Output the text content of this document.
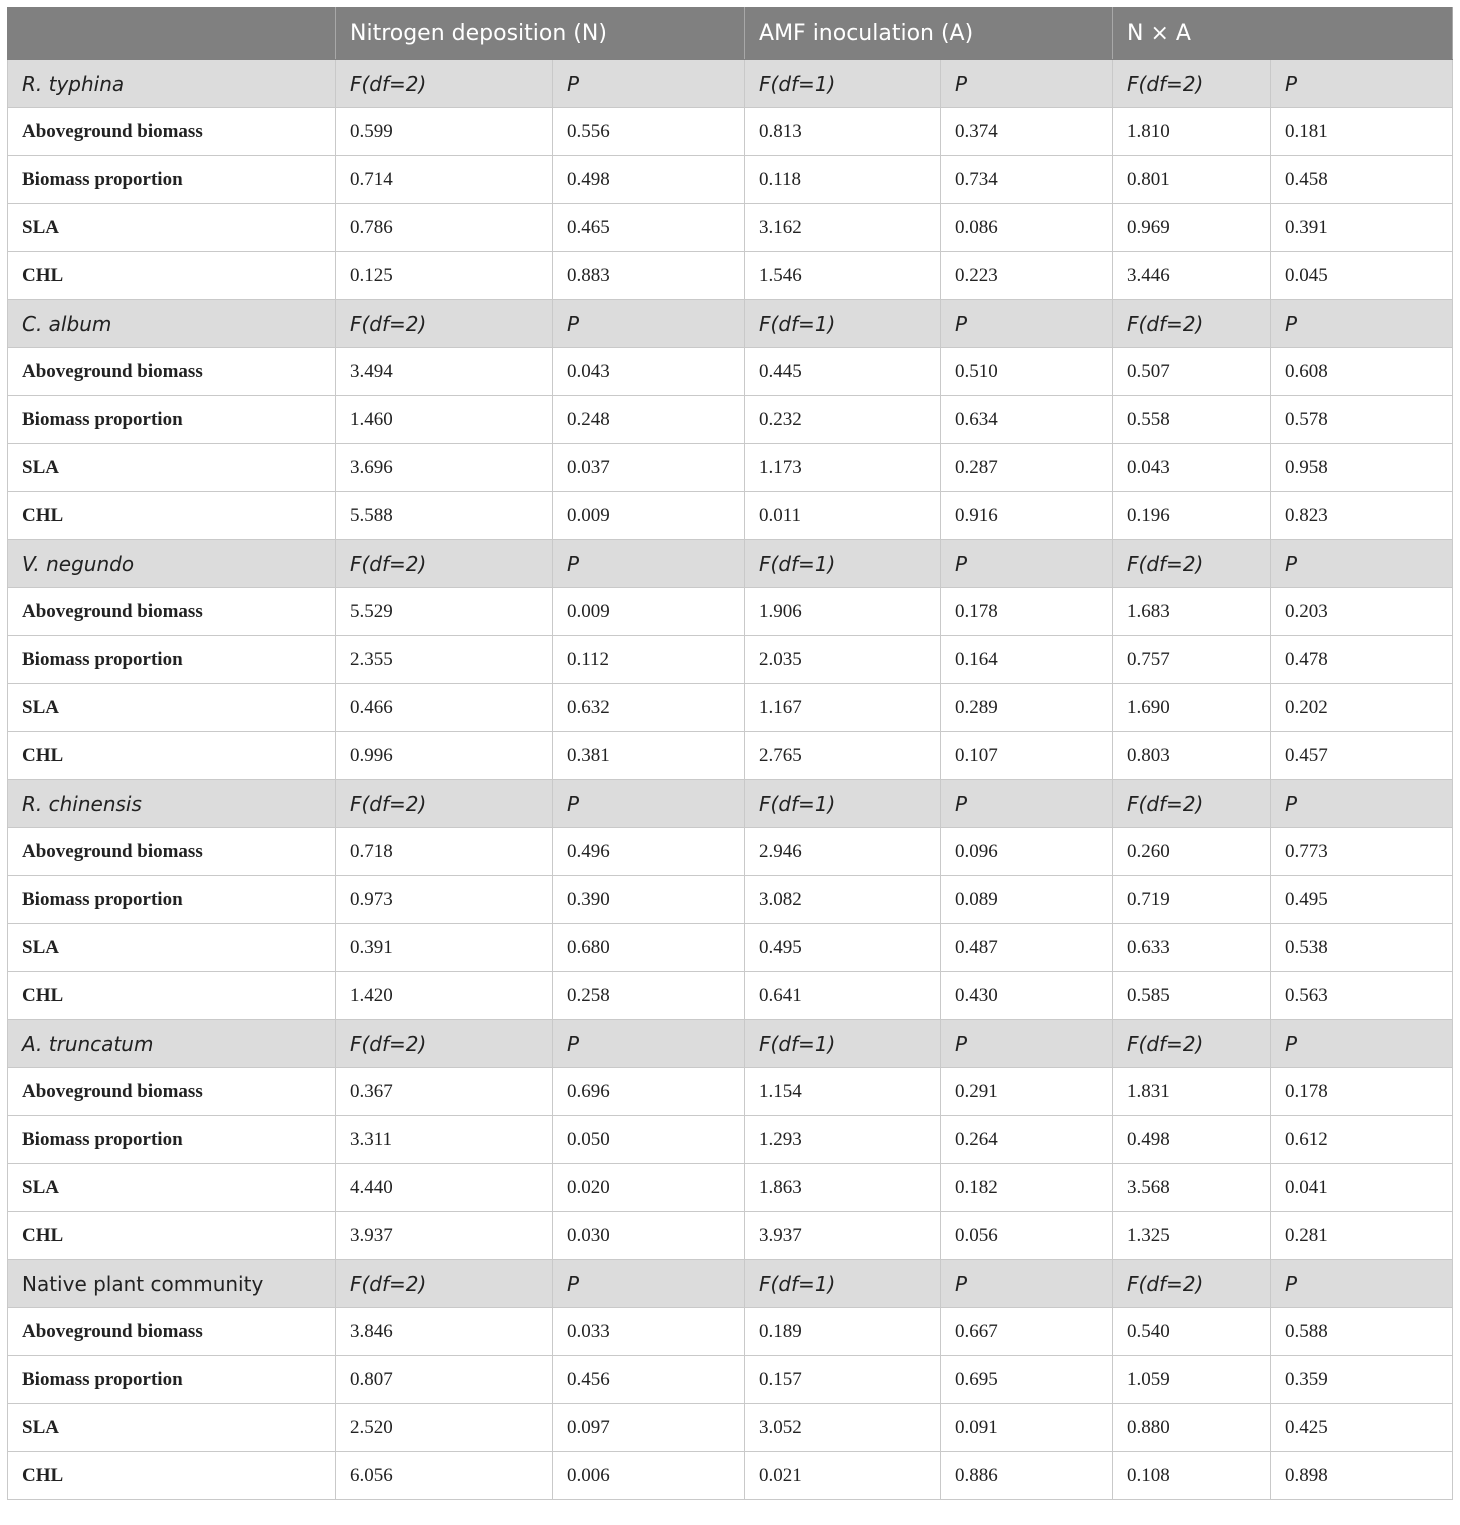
	Nitrogen deposition (N)		AMF inoculation (A)		N × A	
R. typhina	F(df=2)	P	F(df=1)	P	F(df=2)	P
Aboveground biomass	0.599	0.556	0.813	0.374	1.810	0.181
Biomass proportion	0.714	0.498	0.118	0.734	0.801	0.458
SLA	0.786	0.465	3.162	0.086	0.969	0.391
CHL	0.125	0.883	1.546	0.223	3.446	0.045
C. album	F(df=2)	P	F(df=1)	P	F(df=2)	P
Aboveground biomass	3.494	0.043	0.445	0.510	0.507	0.608
Biomass proportion	1.460	0.248	0.232	0.634	0.558	0.578
SLA	3.696	0.037	1.173	0.287	0.043	0.958
CHL	5.588	0.009	0.011	0.916	0.196	0.823
V. negundo	F(df=2)	P	F(df=1)	P	F(df=2)	P
Aboveground biomass	5.529	0.009	1.906	0.178	1.683	0.203
Biomass proportion	2.355	0.112	2.035	0.164	0.757	0.478
SLA	0.466	0.632	1.167	0.289	1.690	0.202
CHL	0.996	0.381	2.765	0.107	0.803	0.457
R. chinensis	F(df=2)	P	F(df=1)	P	F(df=2)	P
Aboveground biomass	0.718	0.496	2.946	0.096	0.260	0.773
Biomass proportion	0.973	0.390	3.082	0.089	0.719	0.495
SLA	0.391	0.680	0.495	0.487	0.633	0.538
CHL	1.420	0.258	0.641	0.430	0.585	0.563
A. truncatum	F(df=2)	P	F(df=1)	P	F(df=2)	P
Aboveground biomass	0.367	0.696	1.154	0.291	1.831	0.178
Biomass proportion	3.311	0.050	1.293	0.264	0.498	0.612
SLA	4.440	0.020	1.863	0.182	3.568	0.041
CHL	3.937	0.030	3.937	0.056	1.325	0.281
Native plant community	F(df=2)	P	F(df=1)	P	F(df=2)	P
Aboveground biomass	3.846	0.033	0.189	0.667	0.540	0.588
Biomass proportion	0.807	0.456	0.157	0.695	1.059	0.359
SLA	2.520	0.097	3.052	0.091	0.880	0.425
CHL	6.056	0.006	0.021	0.886	0.108	0.898
